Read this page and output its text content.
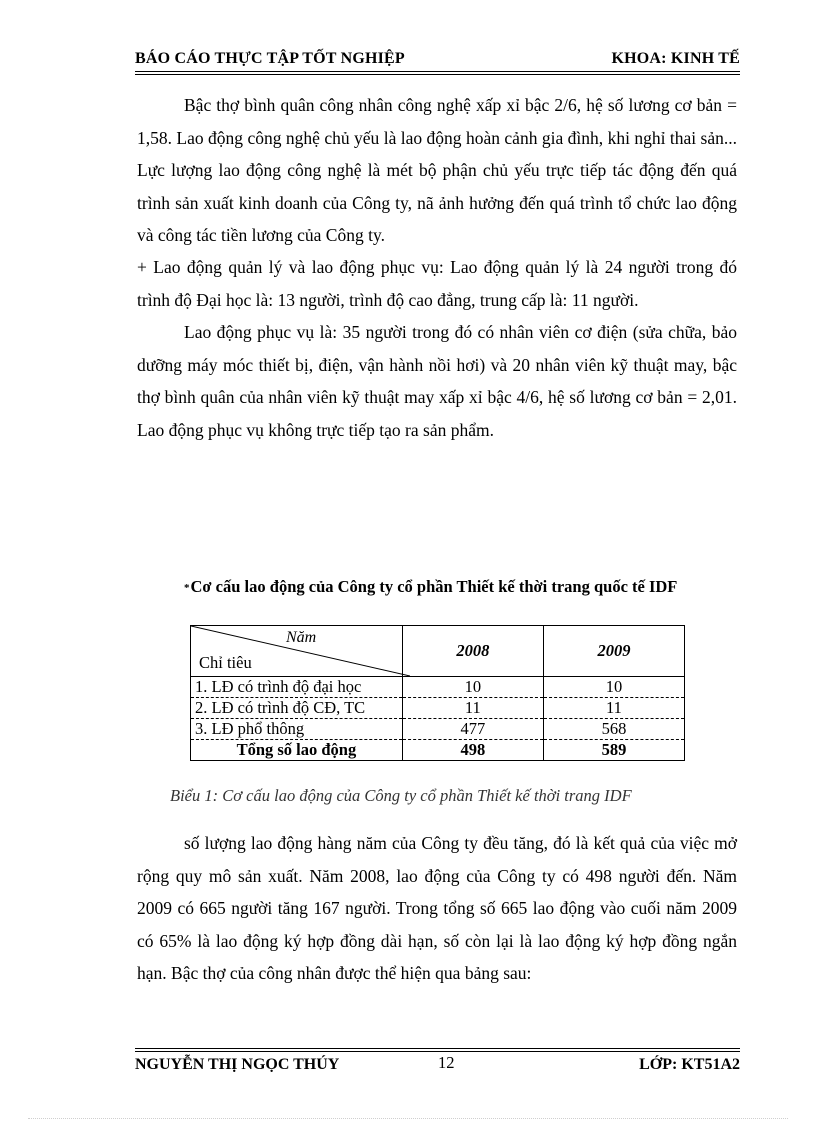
BÁO CÁO THỰC TẬP TỐT NGHIỆP	KHOA: KINH TẾ

Bậc thợ bình quân công nhân công nghệ xấp xỉ bậc 2/6, hệ số lương cơ bản = 1,58. Lao động công nghệ chủ yếu là lao động hoàn cảnh gia đình, khi nghỉ thai sản... Lực lượng lao động công nghệ là mét bộ phận chủ yếu trực tiếp tác động đến quá trình sản xuất kinh doanh của Công ty, nã ảnh hưởng đến quá trình tổ chức lao động và công tác tiền lương của Công ty.

+ Lao động quản lý và lao động phục vụ: Lao động quản lý là 24 người trong đó trình độ Đại học là: 13 người, trình độ cao đẳng, trung cấp là: 11 người.

Lao động phục vụ là: 35 người trong đó có nhân viên cơ điện (sửa chữa, bảo dưỡng máy móc thiết bị, điện, vận hành nồi hơi) và 20 nhân viên kỹ thuật may, bậc thợ bình quân của nhân viên kỹ thuật may xấp xỉ bậc 4/6, hệ số lương cơ bản = 2,01. Lao động phục vụ không trực tiếp tạo ra sản phẩm.

*Cơ cấu lao động của Công ty cổ phần Thiết kế thời trang quốc tế IDF
Năm
Chỉ tiêu	2008	2009
1. LĐ có trình độ đại học	10	10
2. LĐ có trình độ CĐ, TC	11	11
3. LĐ phổ thông	477	568
Tổng số lao động	498	589
Biểu 1: Cơ cấu lao động của Công ty cổ phần Thiết kế thời trang IDF

số lượng lao động hàng năm của Công ty đều tăng, đó là kết quả của việc mở rộng quy mô sản xuất. Năm 2008, lao động của Công ty có 498 người đến. Năm 2009 có 665 người tăng 167 người. Trong tổng số 665 lao động vào cuối năm 2009 có 65% là lao động ký hợp đồng dài hạn, số còn lại là lao động ký hợp đồng ngắn hạn. Bậc thợ của công nhân được thể hiện qua bảng sau:

NGUYỄN THỊ NGỌC THÚY	12	LỚP: KT51A2
